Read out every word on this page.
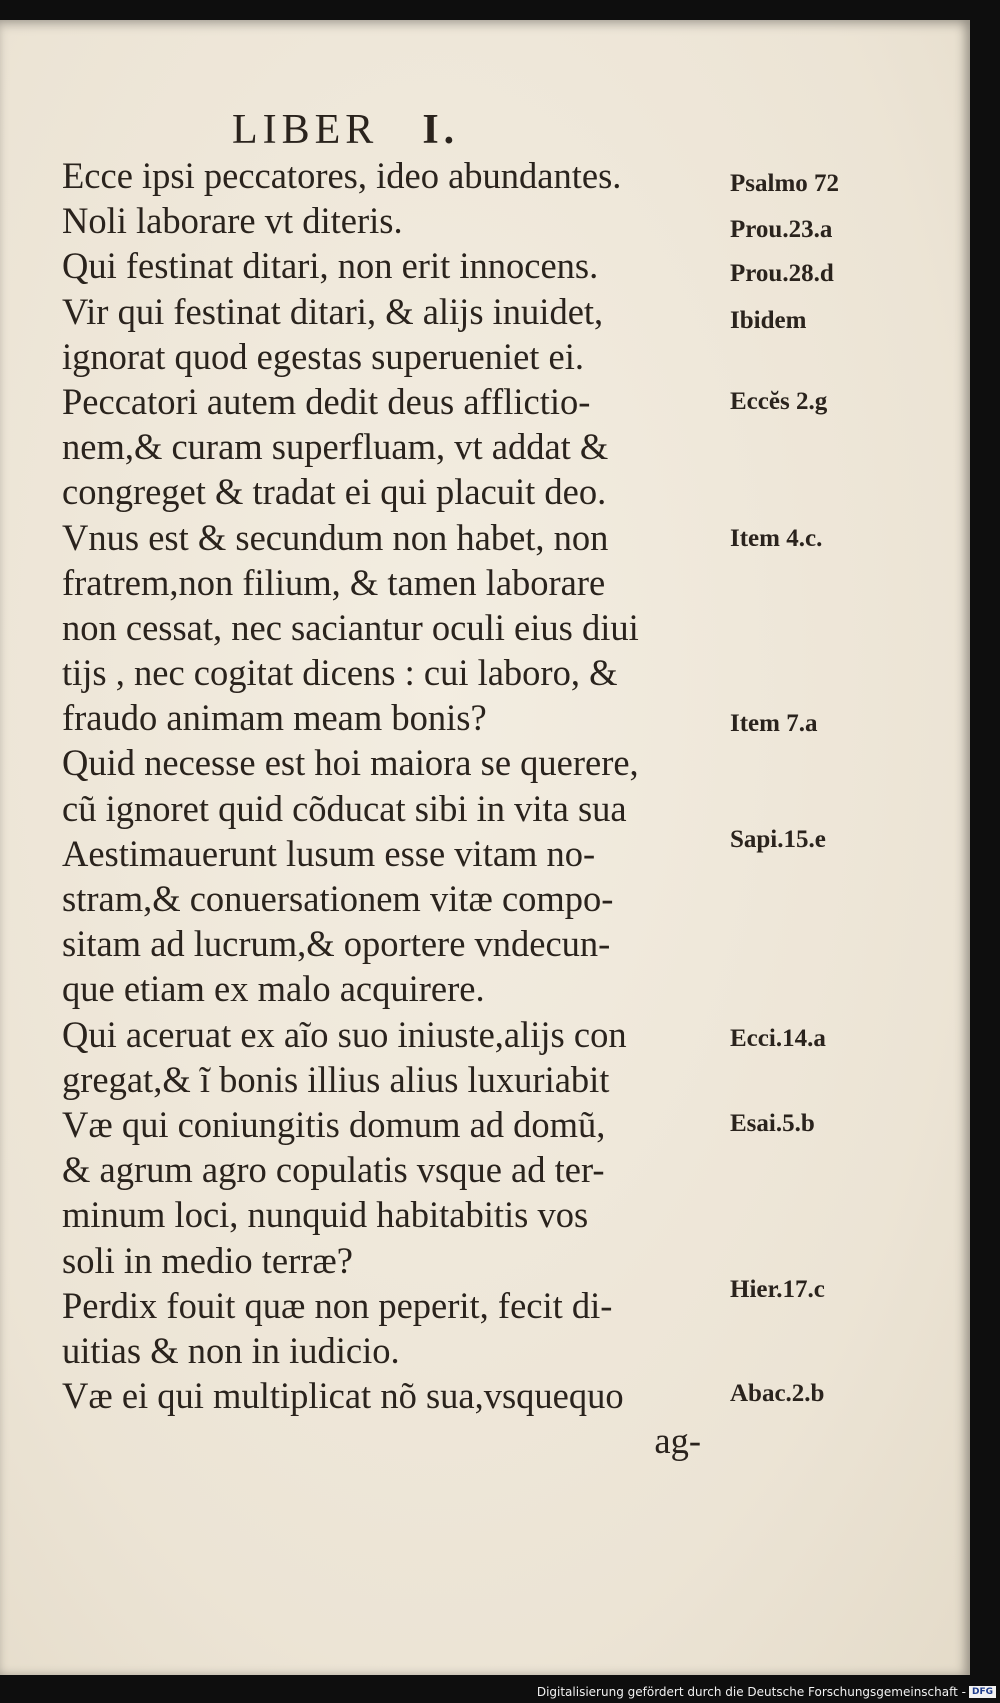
LIBER I.
Ecce ipsi peccatores, ideo abundantes.
Noli laborare vt diteris.
Qui festinat ditari, non erit innocens.
Vir qui festinat ditari, & alijs inuidet,
ignorat quod egestas superueniet ei.
Peccatori autem dedit deus afflictio-
nem,& curam superfluam, vt addat &
congreget & tradat ei qui placuit deo.
Vnus est & secundum non habet, non
fratrem,non filium, & tamen laborare
non cessat, nec saciantur oculi eius diui
tijs , nec cogitat dicens : cui laboro, &
fraudo animam meam bonis?
Quid necesse est hoi maiora se querere,
cũ ignoret quid cõducat sibi in vita sua
Aestimauerunt lusum esse vitam no-
stram,& conuersationem vitæ compo-
sitam ad lucrum,& oportere vndecun-
que etiam ex malo acquirere.
Qui aceruat ex aĩo suo iniuste,alijs con
gregat,& ĩ bonis illius alius luxuriabit
Væ qui coniungitis domum ad domũ,
& agrum agro copulatis vsque ad ter-
minum loci, nunquid habitabitis vos
soli in medio terræ?
Perdix fouit quæ non peperit, fecit di-
uitias & non in iudicio.
Væ ei qui multiplicat nõ sua,vsquequo
ag-
Psalmo 72
Prou.23.a
Prou.28.d
Ibidem
Eccĕs 2.g
Item 4.c.
Item 7.a
Sapi.15.e
Ecci.14.a
Esai.5.b
Hier.17.c
Abac.2.b
Digitalisierung gefördert durch die Deutsche Forschungsgemeinschaft - DFG
